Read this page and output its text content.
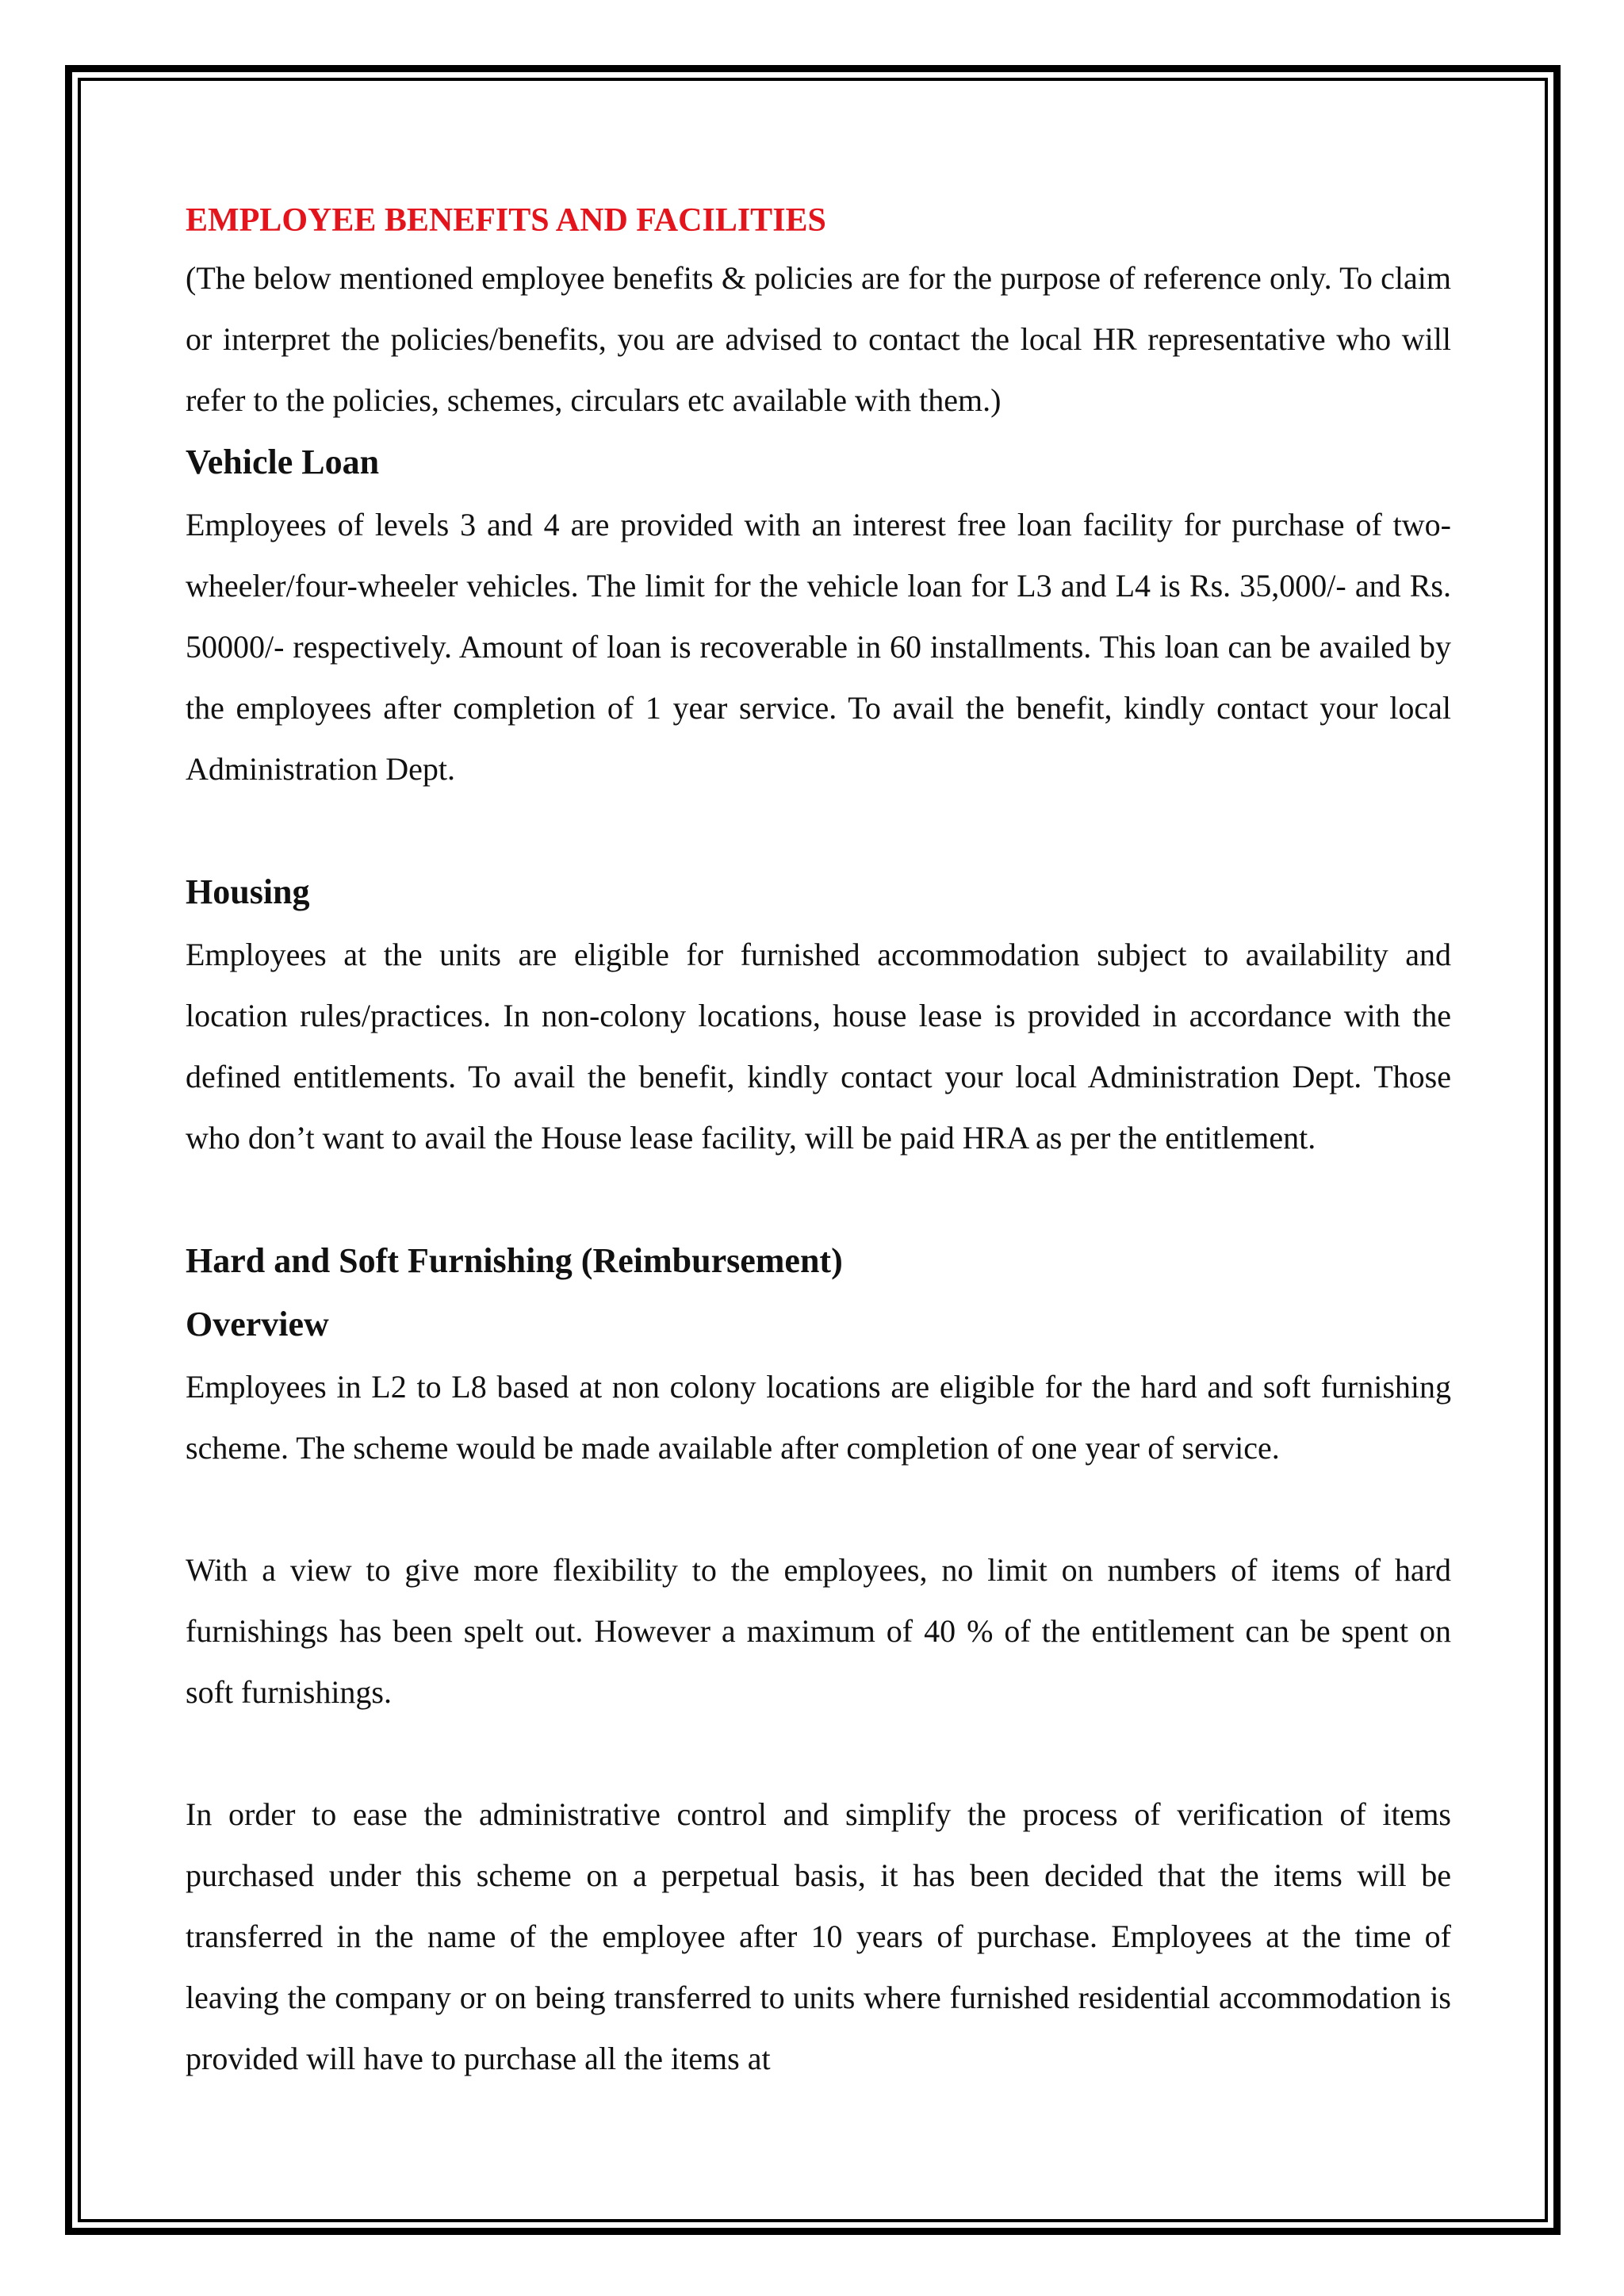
EMPLOYEE BENEFITS AND FACILITIES

(The below mentioned employee benefits & policies are for the purpose of reference only. To claim or interpret the policies/benefits, you are advised to contact the local HR representative who will refer to the policies, schemes, circulars etc available with them.)

Vehicle Loan

Employees of levels 3 and 4 are provided with an interest free loan facility for purchase of two-wheeler/four-wheeler vehicles. The limit for the vehicle loan for L3 and L4 is Rs. 35,000/- and Rs. 50000/- respectively. Amount of loan is recoverable in 60 installments. This loan can be availed by the employees after completion of 1 year service. To avail the benefit, kindly contact your local Administration Dept.

Housing

Employees at the units are eligible for furnished accommodation subject to availability and location rules/practices. In non-colony locations, house lease is provided in accordance with the defined entitlements. To avail the benefit, kindly contact your local Administration Dept. Those who don’t want to avail the House lease facility, will be paid HRA as per the entitlement.

Hard and Soft Furnishing (Reimbursement)
Overview

Employees in L2 to L8 based at non colony locations are eligible for the hard and soft furnishing scheme. The scheme would be made available after completion of one year of service.

With a view to give more flexibility to the employees, no limit on numbers of items of hard furnishings has been spelt out. However a maximum of 40 % of the entitlement can be spent on soft furnishings.

In order to ease the administrative control and simplify the process of verification of items purchased under this scheme on a perpetual basis, it has been decided that the items will be transferred in the name of the employee after 10 years of purchase. Employees at the time of leaving the company or on being transferred to units where furnished residential accommodation is provided will have to purchase all the items at
